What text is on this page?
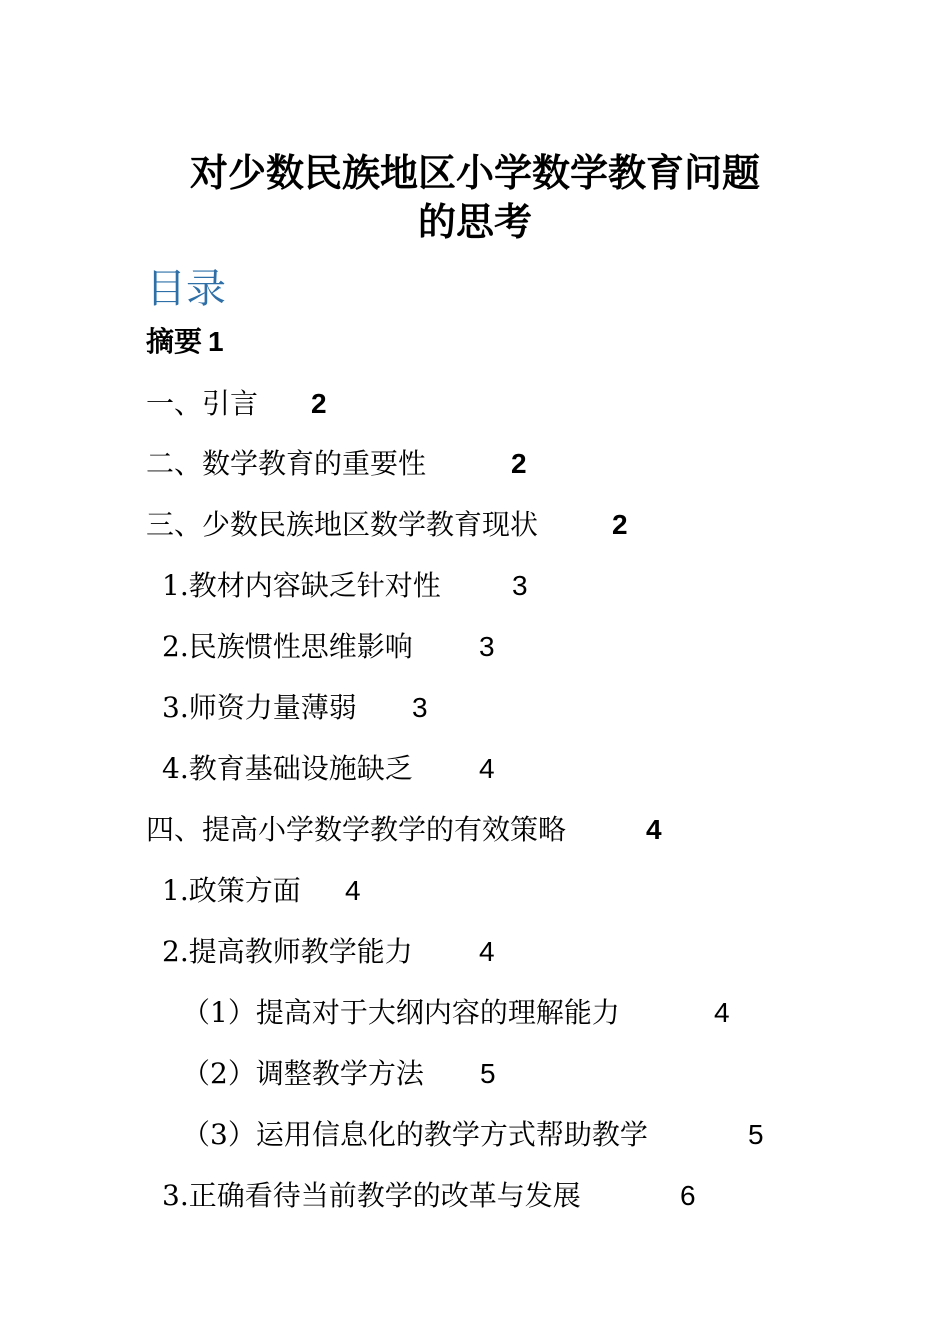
对少数民族地区小学数学教育问题
的思考
目录
摘要 1
一、引言 2
二、数学教育的重要性	2
三、少数民族地区数学教育现状	2
1.教材内容缺乏针对性	3
2.民族惯性思维影响 3
3.师资力量薄弱 3
4.教育基础设施缺乏 4
四、提高小学数学教学的有效策略	4
1.政策方面 4
2.提高教师教学能力 4
（1）提高对于大纲内容的理解能力	4
（2）调整教学方法 5
（3）运用信息化的教学方式帮助教学	5
3.正确看待当前教学的改革与发展	6
